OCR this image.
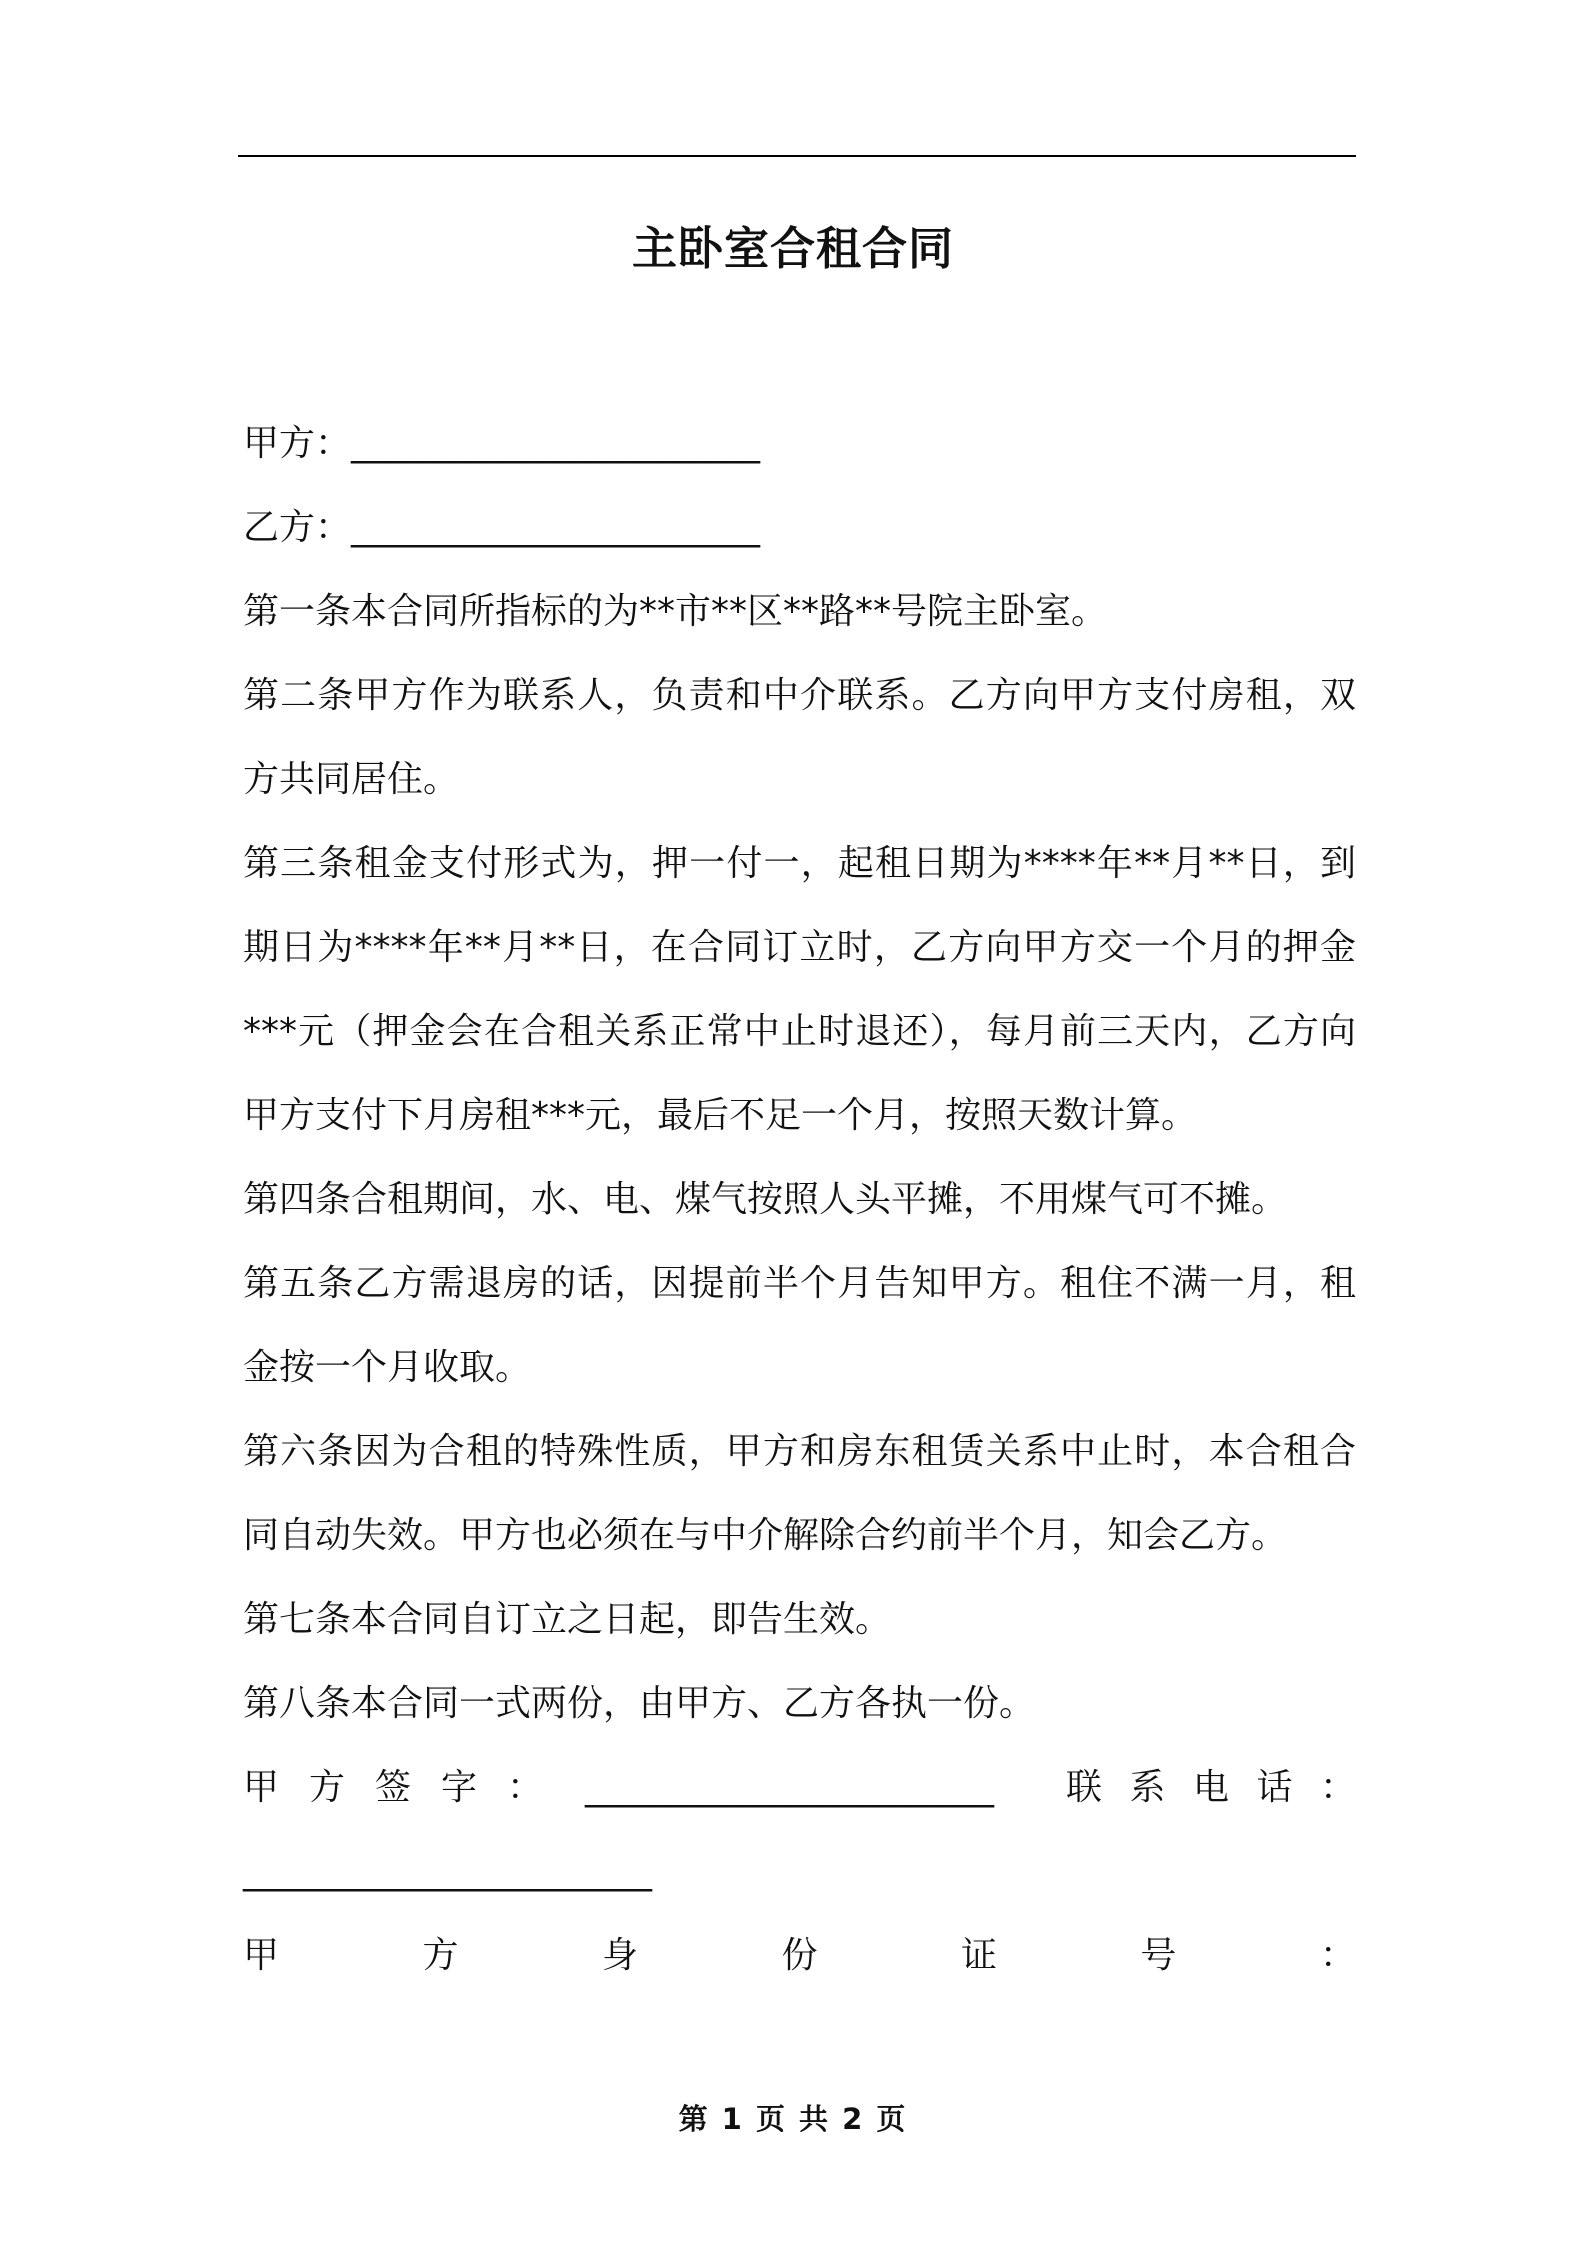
主卧室合租合同

甲方：________________________

乙方：________________________

第一条本合同所指标的为**市**区**路**号院主卧室。

第二条甲方作为联系人，负责和中介联系。乙方向甲方支付房租，双方共同居住。

第三条租金支付形式为，押一付一，起租日期为****年**月**日，到期日为****年**月**日，在合同订立时，乙方向甲方交一个月的押金***元（押金会在合租关系正常中止时退还），每月前三天内，乙方向甲方支付下月房租***元，最后不足一个月，按照天数计算。

第四条合租期间，水、电、煤气按照人头平摊，不用煤气可不摊。

第五条乙方需退房的话，因提前半个月告知甲方。租住不满一月，租金按一个月收取。

第六条因为合租的特殊性质，甲方和房东租赁关系中止时，本合租合同自动失效。甲方也必须在与中介解除合约前半个月，知会乙方。

第七条本合同自订立之日起，即告生效。

第八条本合同一式两份，由甲方、乙方各执一份。

甲 方 签 字 ： ________________________	联 系 电 话 ：

________________________

甲	方	身	份	证	号	：
第 1 页 共 2 页
